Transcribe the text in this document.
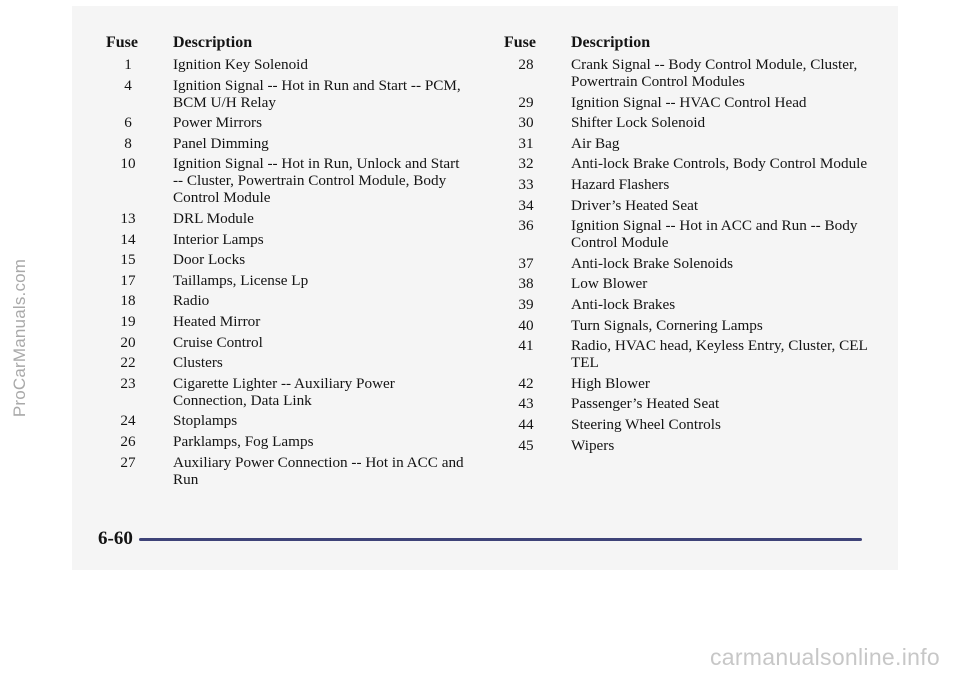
ProCarManuals.com
Fuse	Description
1	Ignition Key Solenoid
4	Ignition Signal -- Hot in Run and Start -- PCM, BCM U/H Relay
6	Power Mirrors
8	Panel Dimming
10	Ignition Signal -- Hot in Run, Unlock and Start -- Cluster, Powertrain Control Module, Body Control Module
13	DRL Module
14	Interior Lamps
15	Door Locks
17	Taillamps, License Lp
18	Radio
19	Heated Mirror
20	Cruise Control
22	Clusters
23	Cigarette Lighter -- Auxiliary Power Connection, Data Link
24	Stoplamps
26	Parklamps, Fog Lamps
27	Auxiliary Power Connection -- Hot in ACC and Run
Fuse	Description
28	Crank Signal -- Body Control Module, Cluster, Powertrain Control Modules
29	Ignition Signal -- HVAC Control Head
30	Shifter Lock Solenoid
31	Air Bag
32	Anti-lock Brake Controls, Body Control Module
33	Hazard Flashers
34	Driver’s Heated Seat
36	Ignition Signal -- Hot in ACC and Run -- Body Control Module
37	Anti-lock Brake Solenoids
38	Low Blower
39	Anti-lock Brakes
40	Turn Signals, Cornering Lamps
41	Radio, HVAC head, Keyless Entry, Cluster, CEL TEL
42	High Blower
43	Passenger’s Heated Seat
44	Steering Wheel Controls
45	Wipers
6-60
carmanualsonline.info
